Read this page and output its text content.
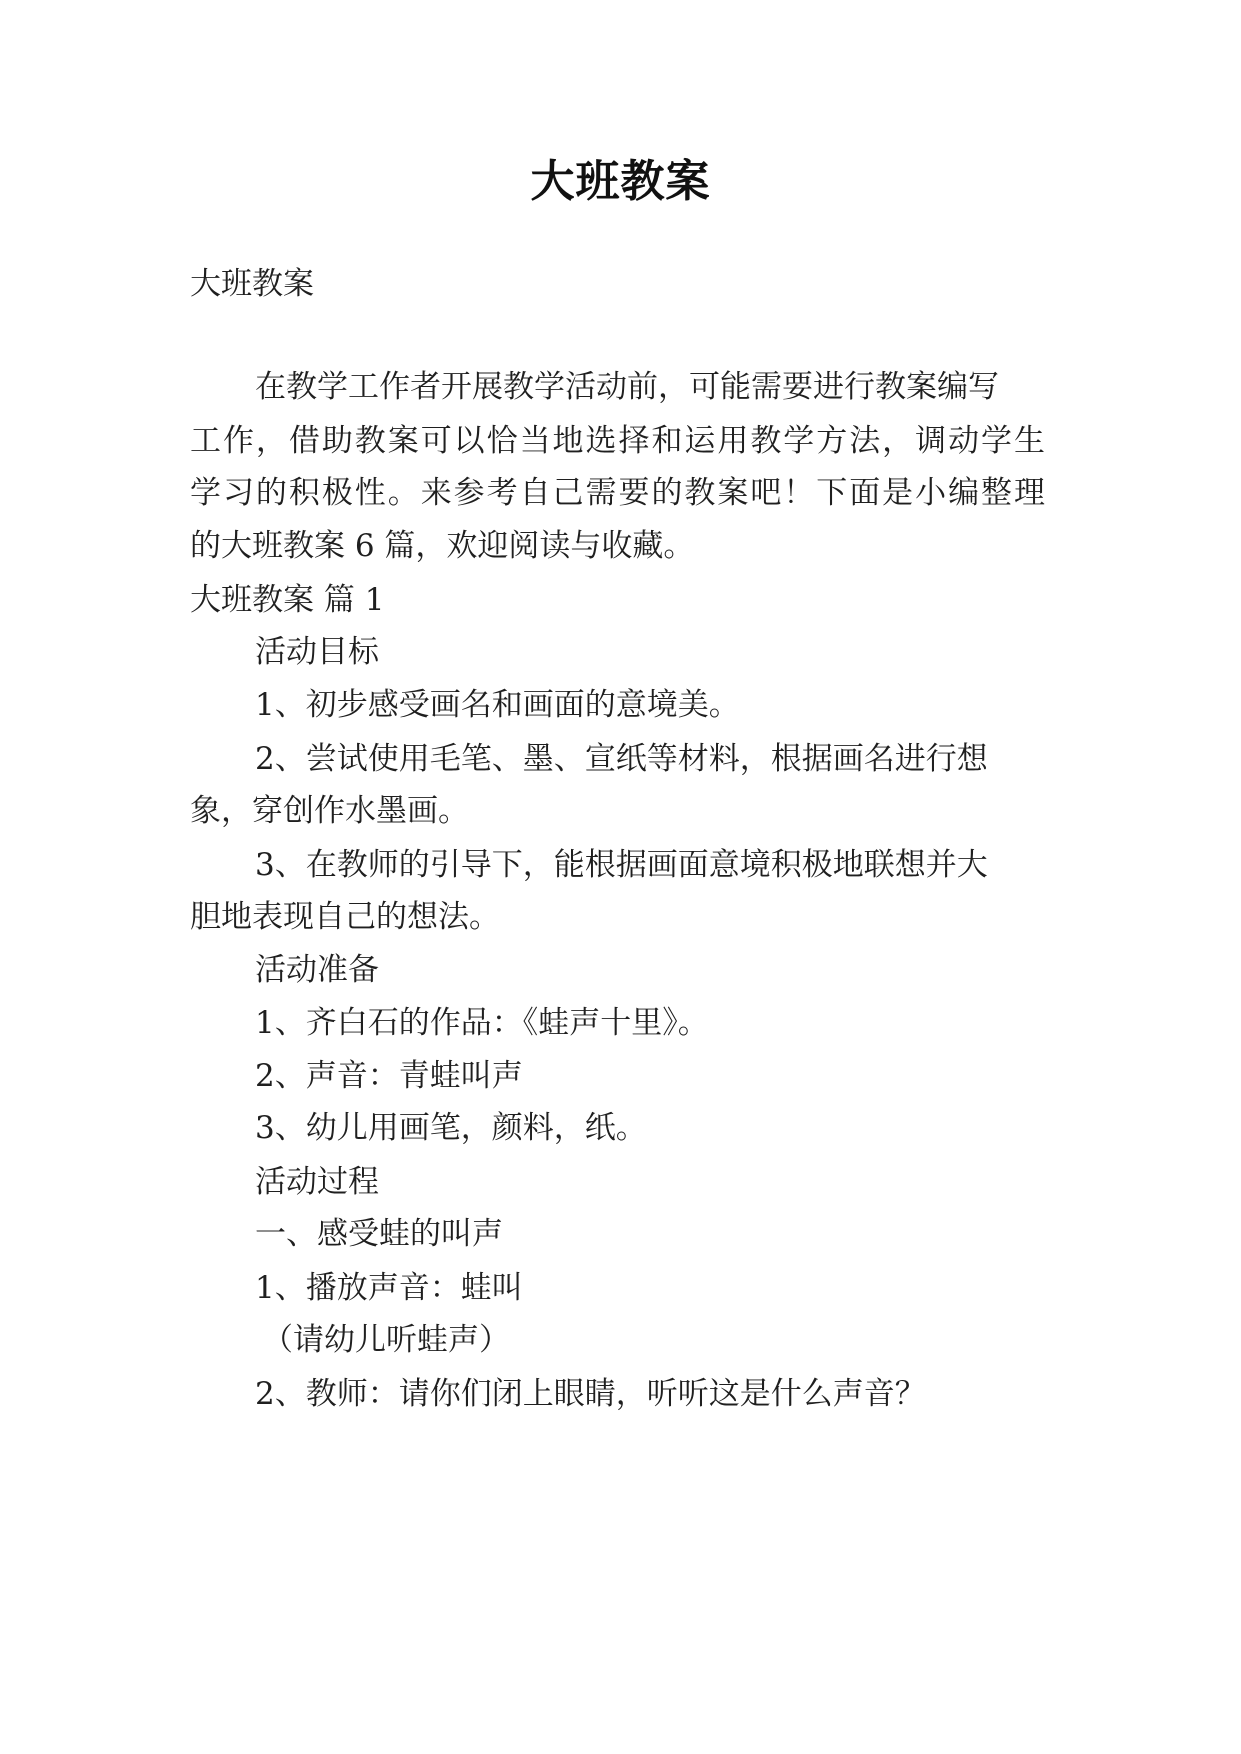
大班教案
大班教案
在教学工作者开展教学活动前，可能需要进行教案编写
工作，借助教案可以恰当地选择和运用教学方法，调动学生
学习的积极性。来参考自己需要的教案吧！下面是小编整理
的大班教案 6 篇，欢迎阅读与收藏。
大班教案 篇 1
活动目标
1、初步感受画名和画面的意境美。
2、尝试使用毛笔、墨、宣纸等材料，根据画名进行想
象，穿创作水墨画。
3、在教师的引导下，能根据画面意境积极地联想并大
胆地表现自己的想法。
活动准备
1、齐白石的作品：《蛙声十里》。
2、声音：青蛙叫声
3、幼儿用画笔，颜料，纸。
活动过程
一、感受蛙的叫声
1、播放声音：蛙叫
（请幼儿听蛙声）
2、教师：请你们闭上眼睛，听听这是什么声音？
